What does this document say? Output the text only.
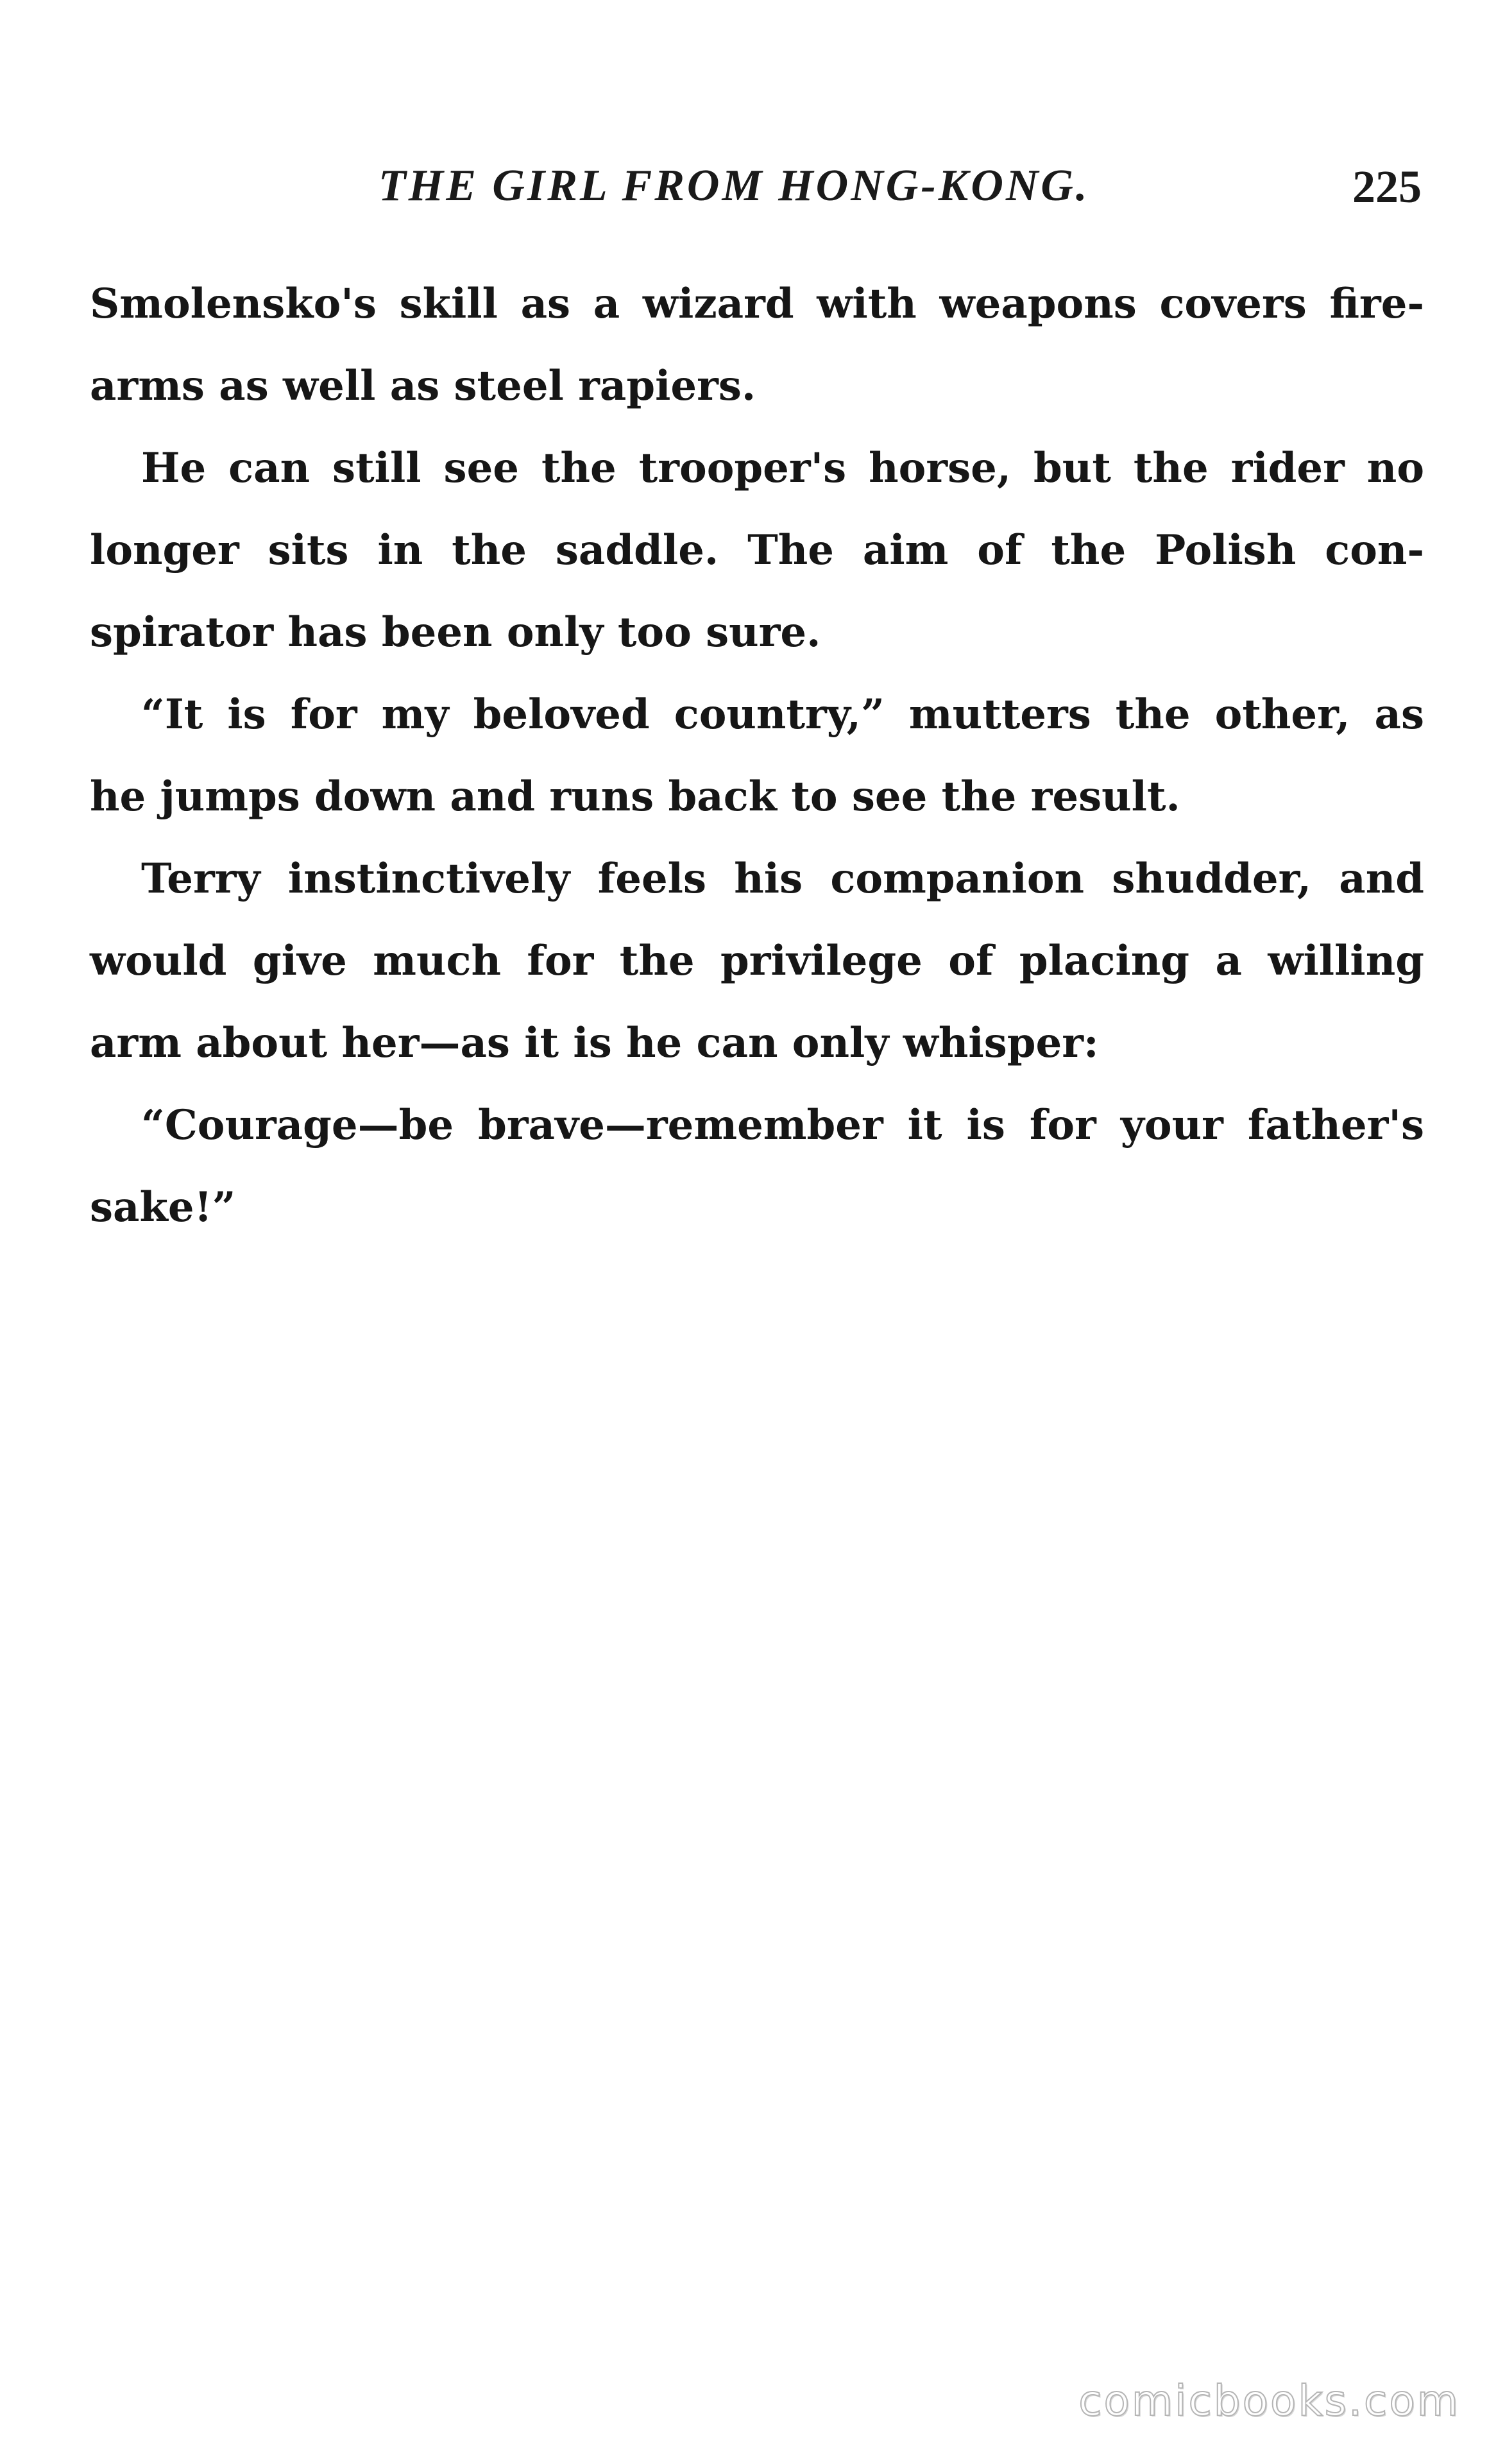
THE GIRL FROM HONG-KONG.	225
Smolensko's skill as a wizard with weapons covers fire-
arms as well as steel rapiers.
He can still see the trooper's horse, but the rider no
longer sits in the saddle. The aim of the Polish con-
spirator has been only too sure.
“It is for my beloved country,” mutters the other, as
he jumps down and runs back to see the result.
Terry instinctively feels his companion shudder, and
would give much for the privilege of placing a willing
arm about her—as it is he can only whisper:
“Courage—be brave—remember it is for your father's
sake!”
comicbooks.com
